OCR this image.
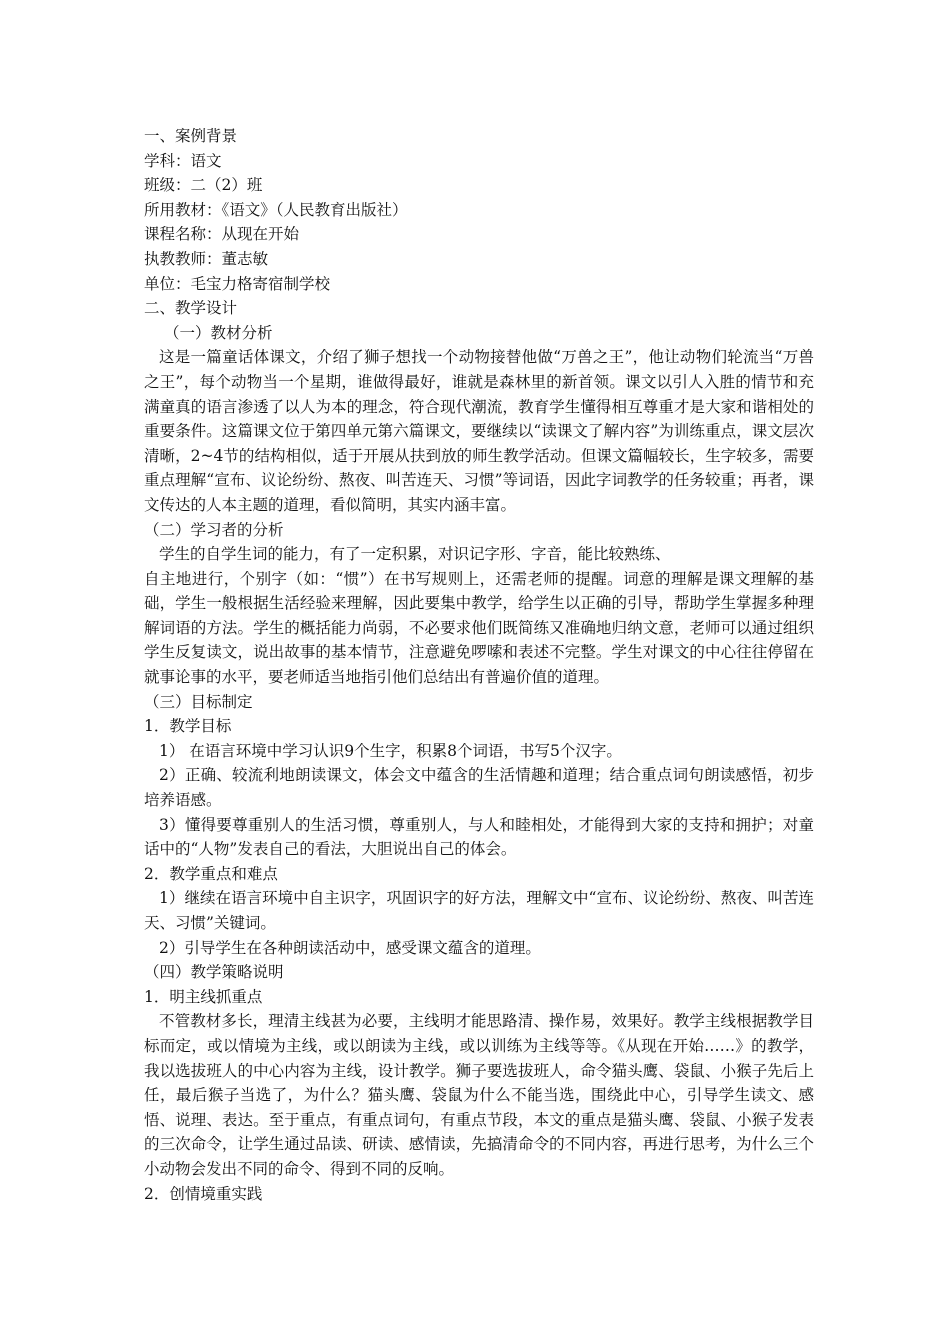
一、案例背景
学科：语文
班级：二（2）班
所用教材：《语文》（人民教育出版社）
课程名称：从现在开始
执教教师：董志敏
单位：毛宝力格寄宿制学校
二、教学设计
（一）教材分析
这是一篇童话体课文，介绍了狮子想找一个动物接替他做“万兽之王”，他让动物们轮流当“万兽之王”，每个动物当一个星期，谁做得最好，谁就是森林里的新首领。课文以引人入胜的情节和充满童真的语言渗透了以人为本的理念，符合现代潮流，教育学生懂得相互尊重才是大家和谐相处的重要条件。这篇课文位于第四单元第六篇课文，要继续以“读课文了解内容”为训练重点，课文层次清晰，2~4节的结构相似，适于开展从扶到放的师生教学活动。但课文篇幅较长，生字较多，需要重点理解“宣布、议论纷纷、熬夜、叫苦连天、习惯”等词语，因此字词教学的任务较重；再者，课文传达的人本主题的道理，看似简明，其实内涵丰富。
（二）学习者的分析
学生的自学生词的能力，有了一定积累，对识记字形、字音，能比较熟练、
自主地进行，个别字（如：“惯”）在书写规则上，还需老师的提醒。词意的理解是课文理解的基础，学生一般根据生活经验来理解，因此要集中教学，给学生以正确的引导，帮助学生掌握多种理解词语的方法。学生的概括能力尚弱，不必要求他们既简练又准确地归纳文意，老师可以通过组织学生反复读文，说出故事的基本情节，注意避免啰嗦和表述不完整。学生对课文的中心往往停留在就事论事的水平，要老师适当地指引他们总结出有普遍价值的道理。
（三）目标制定
1．教学目标
1） 在语言环境中学习认识9个生字，积累8个词语，书写5个汉字。
2）正确、较流利地朗读课文，体会文中蕴含的生活情趣和道理；结合重点词句朗读感悟，初步培养语感。
3）懂得要尊重别人的生活习惯，尊重别人，与人和睦相处，才能得到大家的支持和拥护；对童话中的“人物”发表自己的看法，大胆说出自己的体会。
2．教学重点和难点
1）继续在语言环境中自主识字，巩固识字的好方法，理解文中“宣布、议论纷纷、熬夜、叫苦连天、习惯”关键词。
2）引导学生在各种朗读活动中，感受课文蕴含的道理。
（四）教学策略说明
1．明主线抓重点
不管教材多长，理清主线甚为必要，主线明才能思路清、操作易，效果好。教学主线根据教学目标而定，或以情境为主线，或以朗读为主线，或以训练为主线等等。《从现在开始……》的教学，我以选拔班人的中心内容为主线，设计教学。狮子要选拔班人，命令猫头鹰、袋鼠、小猴子先后上任，最后猴子当选了，为什么？猫头鹰、袋鼠为什么不能当选，围绕此中心，引导学生读文、感悟、说理、表达。至于重点，有重点词句，有重点节段，本文的重点是猫头鹰、袋鼠、小猴子发表的三次命令，让学生通过品读、研读、感情读，先搞清命令的不同内容，再进行思考，为什么三个小动物会发出不同的命令、得到不同的反响。
2．创情境重实践
